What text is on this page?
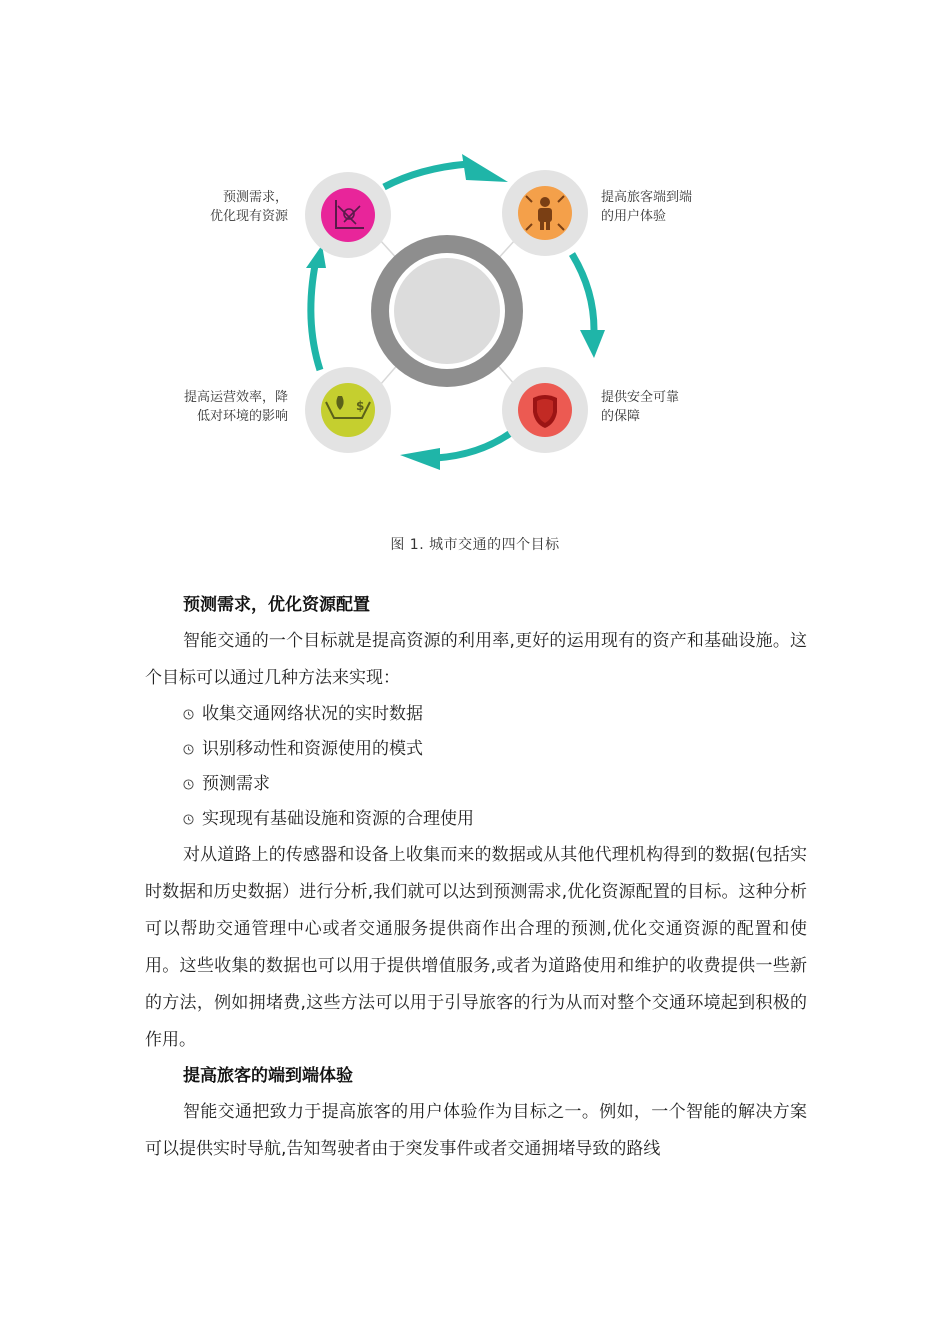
$
预测需求，
优化现有资源
提高旅客端到端
的用户体验
提供安全可靠
的保障
提高运营效率，降
低对环境的影响
图 1. 城市交通的四个目标
预测需求，优化资源配置

智能交通的一个目标就是提高资源的利用率,更好的运用现有的资产和基础设施。这个目标可以通过几种方法来实现：

收集交通网络状况的实时数据
识别移动性和资源使用的模式
预测需求
实现现有基础设施和资源的合理使用

对从道路上的传感器和设备上收集而来的数据或从其他代理机构得到的数据(包括实时数据和历史数据）进行分析,我们就可以达到预测需求,优化资源配置的目标。这种分析可以帮助交通管理中心或者交通服务提供商作出合理的预测,优化交通资源的配置和使用。这些收集的数据也可以用于提供增值服务,或者为道路使用和维护的收费提供一些新的方法，例如拥堵费,这些方法可以用于引导旅客的行为从而对整个交通环境起到积极的作用。

提高旅客的端到端体验

智能交通把致力于提高旅客的用户体验作为目标之一。例如，一个智能的解决方案可以提供实时导航,告知驾驶者由于突发事件或者交通拥堵导致的路线
